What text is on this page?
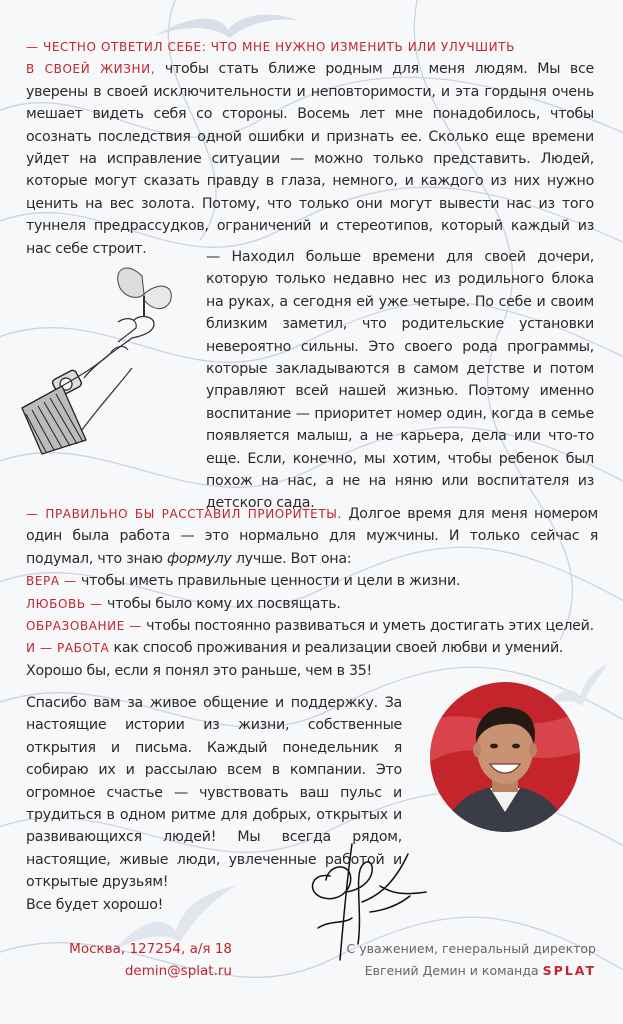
— ЧЕСТНО ОТВЕТИЛ СЕБЕ: ЧТО МНЕ НУЖНО ИЗМЕНИТЬ ИЛИ УЛУЧШИТЬ
В СВОЕЙ ЖИЗНИ, чтобы стать ближе родным для меня людям. Мы все уверены в своей исключительности и неповторимости, и эта гордыня очень мешает видеть себя со стороны. Восемь лет мне понадобилось, чтобы осознать последствия одной ошибки и признать ее. Сколько еще времени уйдет на исправление ситуации — можно только представить. Людей, которые могут сказать правду в глаза, немного, и каждого из них нужно ценить на вес золота. Потому, что только они могут вывести нас из того туннеля предрассудков, ограничений и стереотипов, который каждый из нас себе строит.
— Находил больше времени для своей дочери, которую только недавно нес из родильного блока на руках, а сегодня ей уже четыре. По себе и своим близким заметил, что родительские установки невероятно сильны. Это своего рода программы, которые закладываются в самом детстве и потом управляют всей нашей жизнью. Поэтому именно воспитание — приоритет номер один, когда в семье появляется малыш, а не карьера, дела или что-то еще. Если, конечно, мы хотим, чтобы ребенок был похож на нас, а не на няню или воспитателя из детского сада.
— ПРАВИЛЬНО БЫ РАССТАВИЛ ПРИОРИТЕТЫ. Долгое время для меня номером один была работа — это нормально для мужчины. И только сейчас я подумал, что знаю формулу лучше. Вот она:

ВЕРА — чтобы иметь правильные ценности и цели в жизни.
ЛЮБОВЬ — чтобы было кому их посвящать.
ОБРАЗОВАНИЕ — чтобы постоянно развиваться и уметь достигать этих целей.
И — РАБОТА как способ проживания и реализации своей любви и умений.
Хорошо бы, если я понял это раньше, чем в 35!
Спасибо вам за живое общение и поддержку. За настоящие истории из жизни, собственные открытия и письма. Каждый понедельник я собираю их и рассылаю всем в компании. Это огромное счастье — чувствовать ваш пульс и трудиться в одном ритме для добрых, открытых и развивающихся людей! Мы всегда рядом, настоящие, живые люди, увлеченные работой и открытые друзьям!
Все будет хорошо!
Москва, 127254, а/я 18
demin@splat.ru
С уважением, генеральный директор
Евгений Демин и команда SPLAT
